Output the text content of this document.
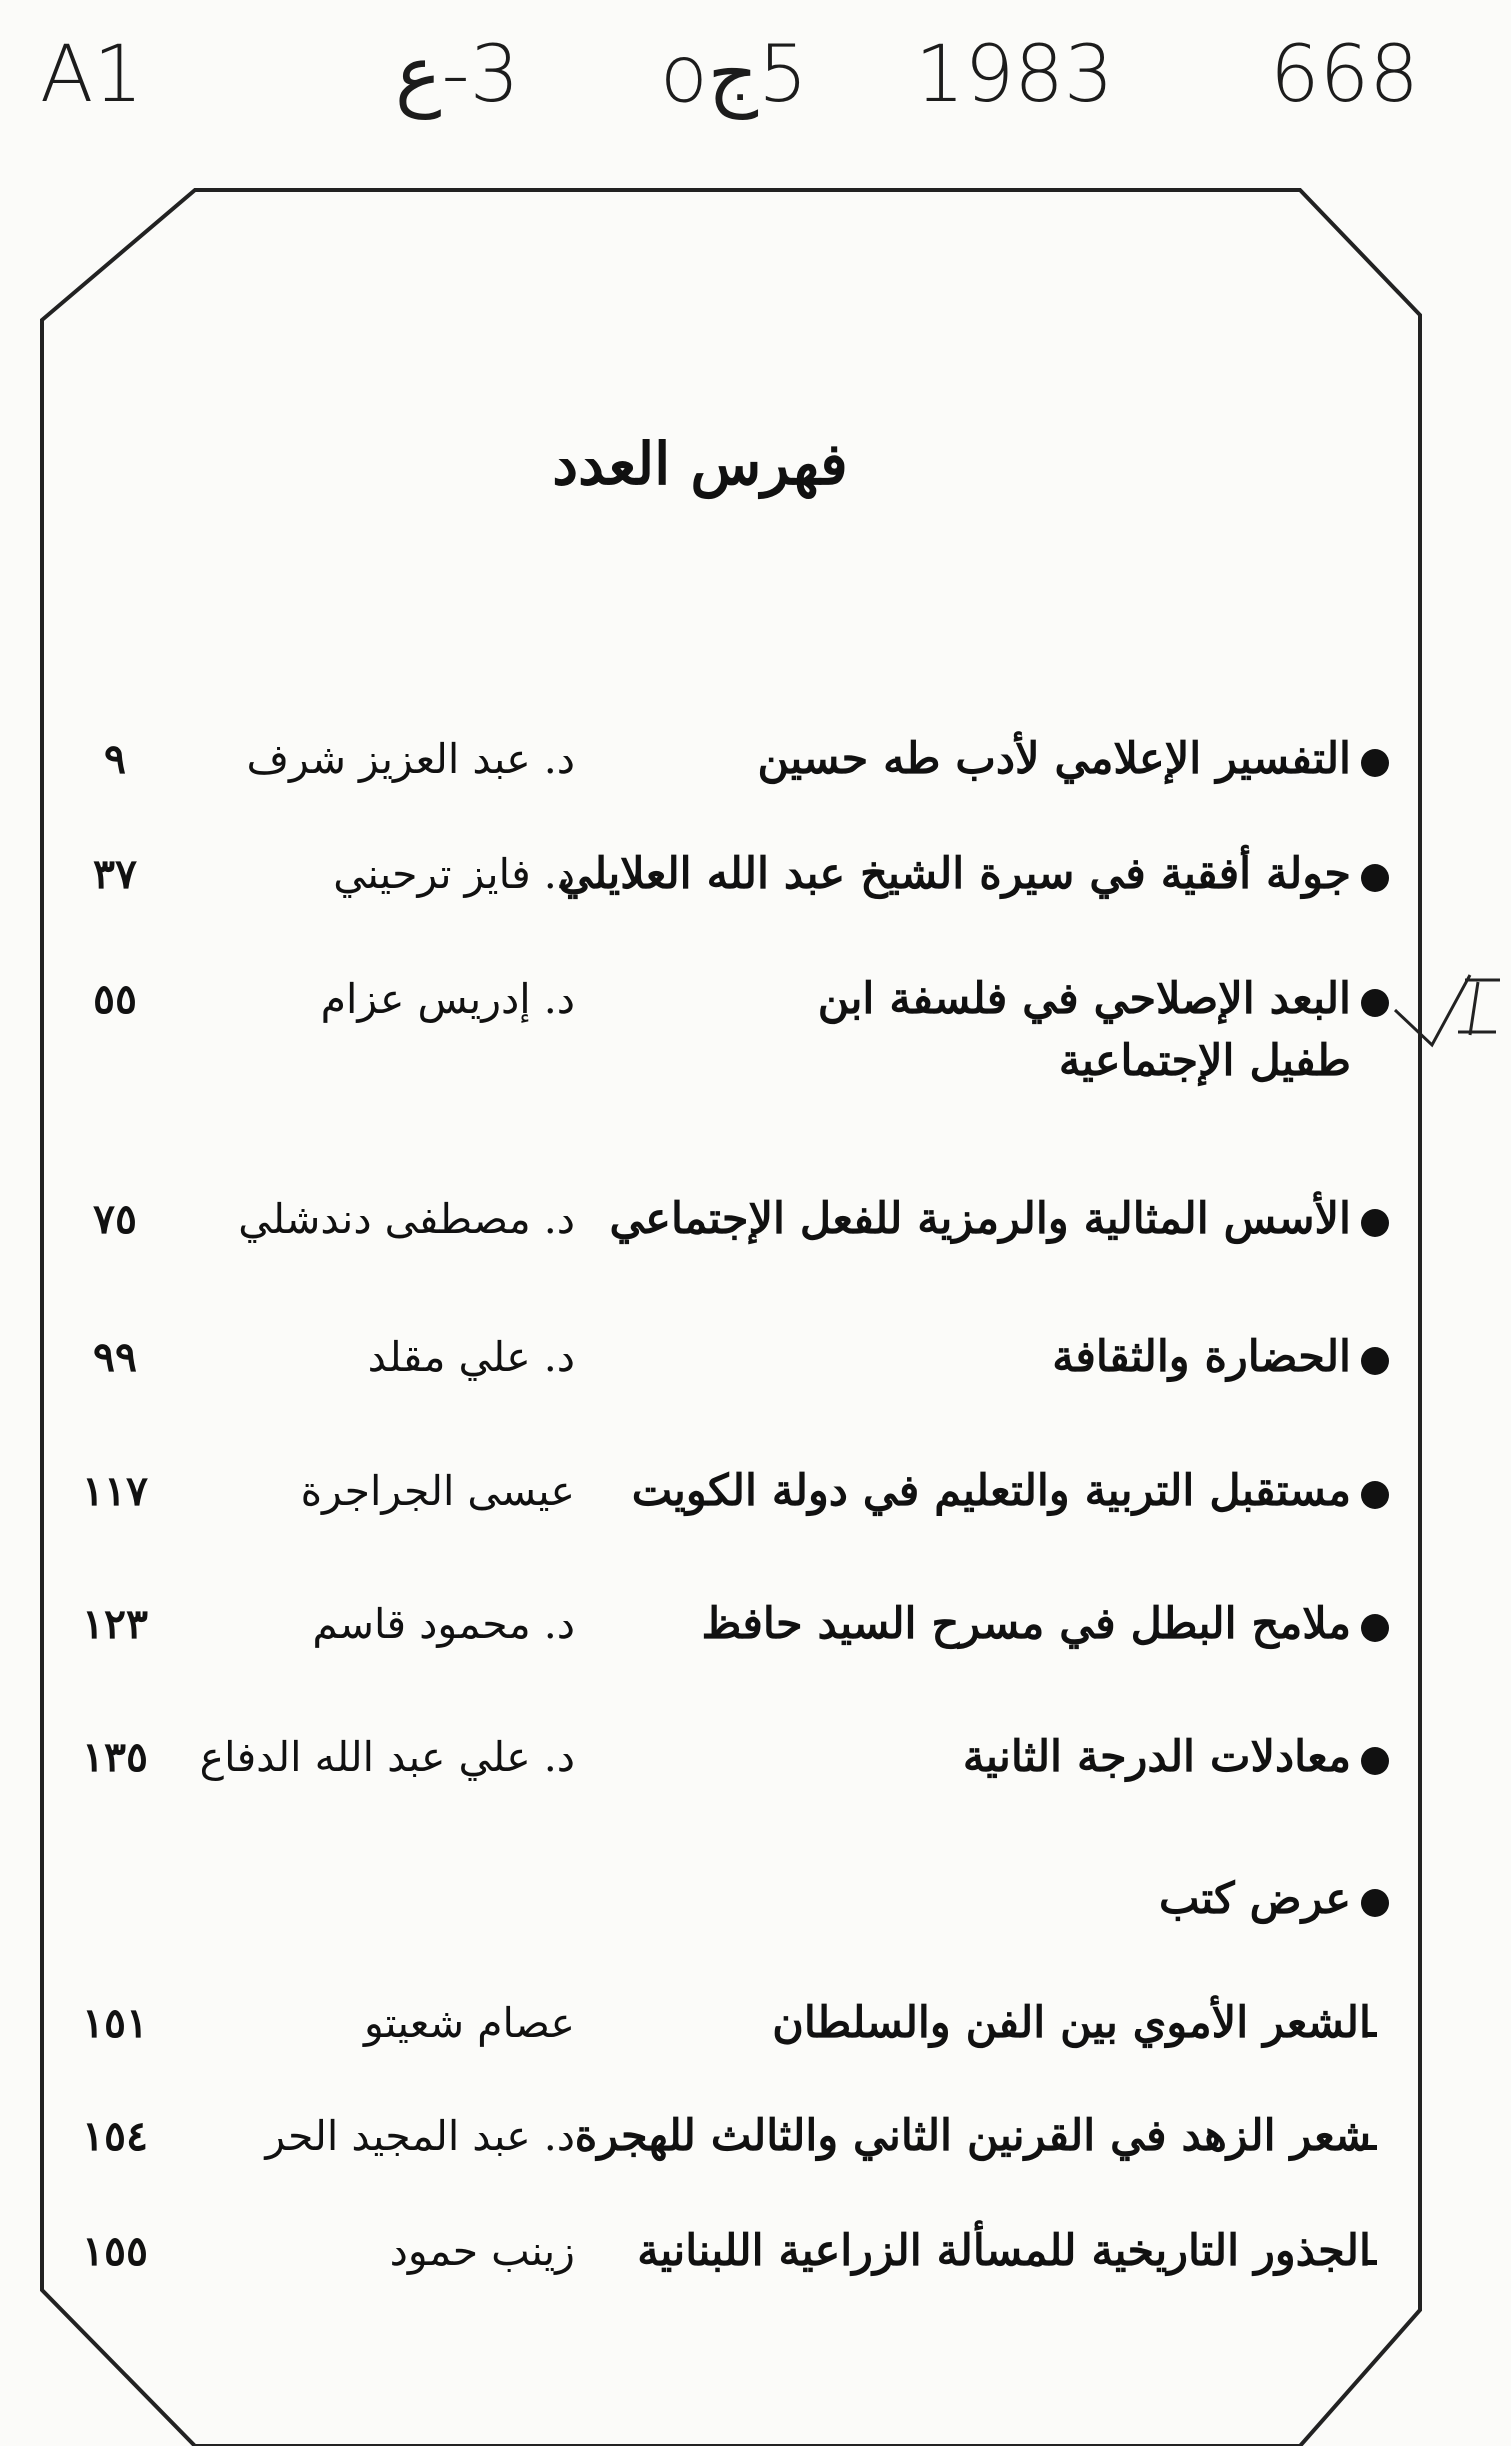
A1	3-ع 5جo 1983 668
فهرس العدد
التفسير الإعلامي لأدب طه حسين
د. عبد العزيز شرف
٩
جولة أفقية في سيرة الشيخ عبد الله العلايلي
د. فايز ترحيني
٣٧
البعد الإصلاحي في فلسفة ابن طفيل الإجتماعية
د. إدريس عزام
٥٥
الأسس المثالية والرمزية للفعل الإجتماعي
د. مصطفى دندشلي
٧٥
الحضارة والثقافة
د. علي مقلد
٩٩
مستقبل التربية والتعليم في دولة الكويت
عيسى الجراجرة
١١٧
ملامح البطل في مسرح السيد حافظ
د. محمود قاسم
١٢٣
معادلات الدرجة الثانية
د. علي عبد الله الدفاع
١٣٥
عرض كتب
الشعر الأموي بين الفن والسلطان
عصام شعيتو
١٥١
شعر الزهد في القرنين الثاني والثالث للهجرة
د. عبد المجيد الحر
١٥٤
الجذور التاريخية للمسألة الزراعية اللبنانية
زينب حمود
١٥٥
